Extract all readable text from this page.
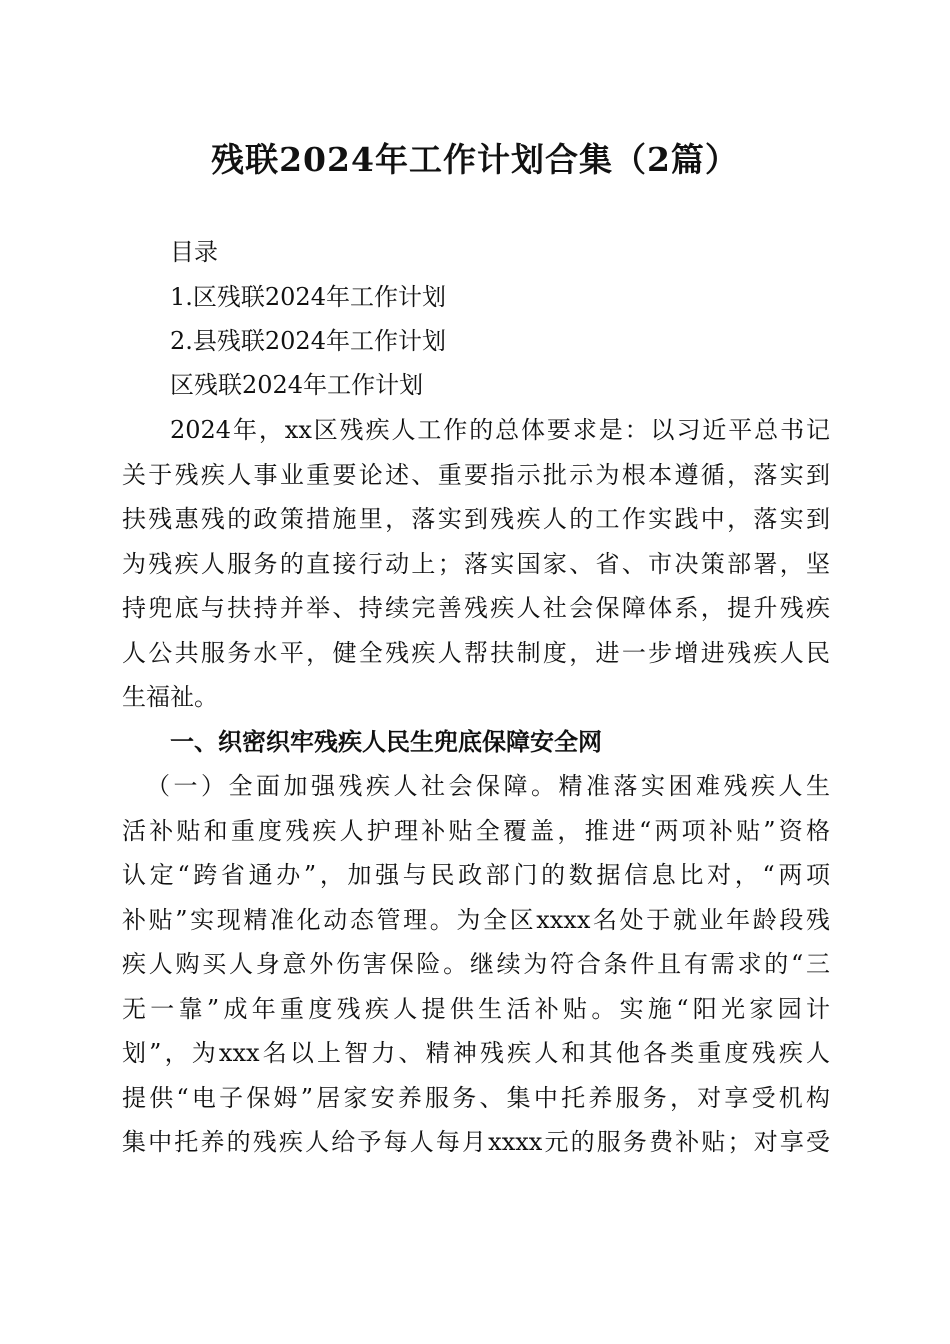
残联2024年工作计划合集（2篇）
目录
1.区残联2024年工作计划
2.县残联2024年工作计划
区残联2024年工作计划
2024年，xx区残疾人工作的总体要求是：以习近平总书记
关于残疾人事业重要论述、重要指示批示为根本遵循，落实到
扶残惠残的政策措施里，落实到残疾人的工作实践中，落实到
为残疾人服务的直接行动上；落实国家、省、市决策部署，坚
持兜底与扶持并举、持续完善残疾人社会保障体系，提升残疾
人公共服务水平，健全残疾人帮扶制度，进一步增进残疾人民
生福祉。
一、织密织牢残疾人民生兜底保障安全网
（一）全面加强残疾人社会保障。精准落实困难残疾人生
活补贴和重度残疾人护理补贴全覆盖，推进“两项补贴”资格
认定“跨省通办”，加强与民政部门的数据信息比对，“两项
补贴”实现精准化动态管理。为全区xxxx名处于就业年龄段残
疾人购买人身意外伤害保险。继续为符合条件且有需求的“三
无一靠”成年重度残疾人提供生活补贴。实施“阳光家园计
划”，为xxx名以上智力、精神残疾人和其他各类重度残疾人
提供“电子保姆”居家安养服务、集中托养服务，对享受机构
集中托养的残疾人给予每人每月xxxx元的服务费补贴；对享受
